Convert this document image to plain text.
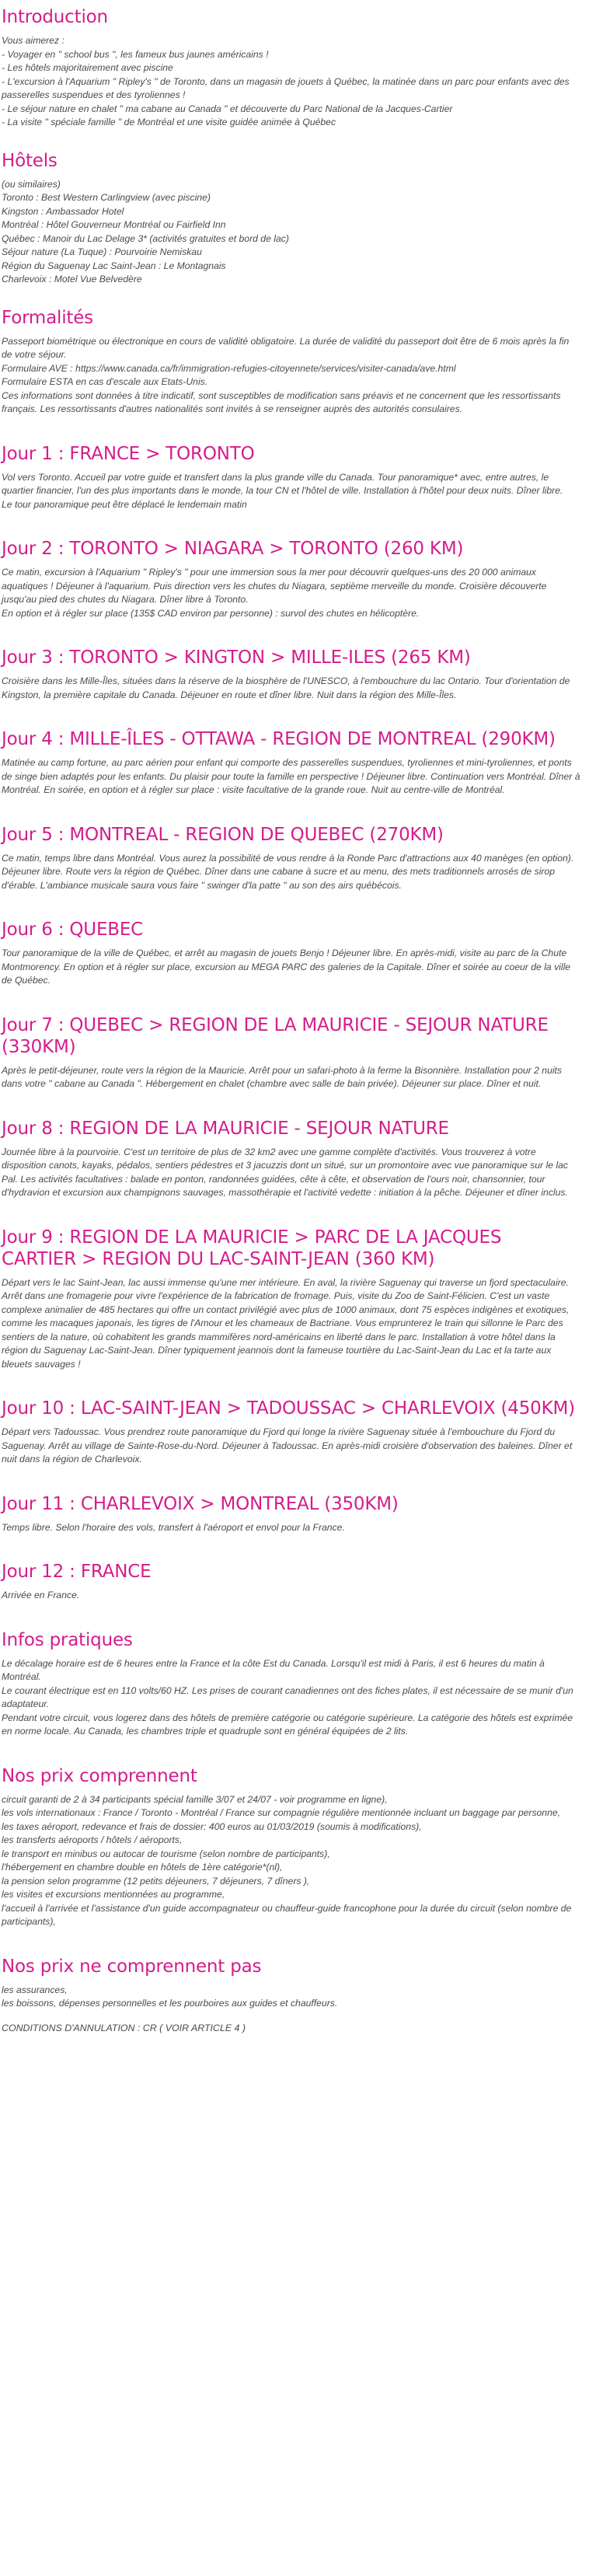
Introduction

Vous aimerez :

- Voyager en " school bus ", les fameux bus jaunes américains !

- Les hôtels majoritairement avec piscine

- L'excursion à l'Aquarium " Ripley's " de Toronto, dans un magasin de jouets à Québec, la matinée dans un parc pour enfants avec des passerelles suspendues et des tyroliennes !

- Le séjour nature en chalet " ma cabane au Canada " et découverte du Parc National de la Jacques-Cartier

- La visite " spéciale famille " de Montréal et une visite guidée animée à Québec

Hôtels

(ou similaires)

Toronto : Best Western Carlingview (avec piscine)

Kingston : Ambassador Hotel

Montréal : Hôtel Gouverneur Montréal ou Fairfield Inn

Québec : Manoir du Lac Delage 3* (activités gratuites et bord de lac)

Séjour nature (La Tuque) : Pourvoirie Nemiskau

Région du Saguenay Lac Saint-Jean : Le Montagnais

Charlevoix : Motel Vue Belvedère

Formalités

Passeport biométrique ou électronique en cours de validité obligatoire. La durée de validité du passeport doit être de 6 mois après la fin de votre séjour.

Formulaire AVE : https://www.canada.ca/fr/immigration-refugies-citoyennete/services/visiter-canada/ave.html

Formulaire ESTA en cas d'escale aux Etats-Unis.

Ces informations sont données à titre indicatif, sont susceptibles de modification sans préavis et ne concernent que les ressortissants français. Les ressortissants d'autres nationalités sont invités à se renseigner auprès des autorités consulaires.

Jour 1 : FRANCE > TORONTO

Vol vers Toronto. Accueil par votre guide et transfert dans la plus grande ville du Canada. Tour panoramique* avec, entre autres, le quartier financier, l'un des plus importants dans le monde, la tour CN et l'hôtel de ville. Installation à l'hôtel pour deux nuits. Dîner libre.

Le tour panoramique peut être déplacé le lendemain matin

Jour 2 : TORONTO > NIAGARA > TORONTO (260 KM)

Ce matin, excursion à l'Aquarium " Ripley's " pour une immersion sous la mer pour découvrir quelques-uns des 20 000 animaux aquatiques ! Déjeuner à l'aquarium. Puis direction vers les chutes du Niagara, septième merveille du monde. Croisière découverte jusqu'au pied des chutes du Niagara. Dîner libre à Toronto.

En option et à régler sur place (135$ CAD environ par personne) : survol des chutes en hélicoptère.

Jour 3 : TORONTO > KINGTON > MILLE-ILES (265 KM)

Croisière dans les Mille-Îles, situées dans la réserve de la biosphère de l'UNESCO, à l'embouchure du lac Ontario. Tour d'orientation de Kingston, la première capitale du Canada. Déjeuner en route et dîner libre. Nuit dans la région des Mille-Îles.

Jour 4 : MILLE-ÎLES - OTTAWA - REGION DE MONTREAL (290KM)

Matinée au camp fortune, au parc aérien pour enfant qui comporte des passerelles suspendues, tyroliennes et mini-tyroliennes, et ponts de singe bien adaptés pour les enfants. Du plaisir pour toute la famille en perspective ! Déjeuner libre. Continuation vers Montréal. Dîner à Montréal. En soirée, en option et à régler sur place : visite facultative de la grande roue. Nuit au centre-ville de Montréal.

Jour 5 : MONTREAL - REGION DE QUEBEC (270KM)

Ce matin, temps libre dans Montréal. Vous aurez la possibilité de vous rendre à la Ronde Parc d'attractions aux 40 manèges (en option). Déjeuner libre. Route vers la région de Québec. Dîner dans une cabane à sucre et au menu, des mets traditionnels arrosés de sirop d'érable. L'ambiance musicale saura vous faire " swinger d'la patte " au son des airs québécois.

Jour 6 : QUEBEC

Tour panoramique de la ville de Québec, et arrêt au magasin de jouets Benjo ! Déjeuner libre. En après-midi, visite au parc de la Chute Montmorency. En option et à régler sur place, excursion au MEGA PARC des galeries de la Capitale. Dîner et soirée au coeur de la ville de Québec.

Jour 7 : QUEBEC > REGION DE LA MAURICIE - SEJOUR NATURE (330KM)

Après le petit-déjeuner, route vers la région de la Mauricie. Arrêt pour un safari-photo à la ferme la Bisonnière. Installation pour 2 nuits dans votre " cabane au Canada ". Hébergement en chalet (chambre avec salle de bain privée). Déjeuner sur place. Dîner et nuit.

Jour 8 : REGION DE LA MAURICIE - SEJOUR NATURE

Journée libre à la pourvoirie. C'est un territoire de plus de 32 km2 avec une gamme complète d'activités. Vous trouverez à votre disposition canots, kayaks, pédalos, sentiers pédestres et 3 jacuzzis dont un situé, sur un promontoire avec vue panoramique sur le lac Pal. Les activités facultatives : balade en ponton, randonnées guidées, cête à cête, et observation de l'ours noir, chansonnier, tour d'hydravion et excursion aux champignons sauvages, massothérapie et l'activité vedette : initiation à la pêche. Déjeuner et dîner inclus.

Jour 9 : REGION DE LA MAURICIE > PARC DE LA JACQUES CARTIER > REGION DU LAC-SAINT-JEAN (360 KM)

Départ vers le lac Saint-Jean, lac aussi immense qu'une mer intérieure. En aval, la rivière Saguenay qui traverse un fjord spectaculaire. Arrêt dans une fromagerie pour vivre l'expérience de la fabrication de fromage. Puis, visite du Zoo de Saint-Félicien. C'est un vaste complexe animalier de 485 hectares qui offre un contact privilégié avec plus de 1000 animaux, dont 75 espèces indigènes et exotiques, comme les macaques japonais, les tigres de l'Amour et les chameaux de Bactriane. Vous emprunterez le train qui sillonne le Parc des sentiers de la nature, où cohabitent les grands mammifères nord-américains en liberté dans le parc. Installation à votre hôtel dans la région du Saguenay Lac-Saint-Jean. Dîner typiquement jeannois dont la fameuse tourtière du Lac-Saint-Jean du Lac et la tarte aux bleuets sauvages !

Jour 10 : LAC-SAINT-JEAN > TADOUSSAC > CHARLEVOIX (450KM)

Départ vers Tadoussac. Vous prendrez route panoramique du Fjord qui longe la rivière Saguenay située à l'embouchure du Fjord du Saguenay. Arrêt au village de Sainte-Rose-du-Nord. Déjeuner à Tadoussac. En après-midi croisière d'observation des baleines. Dîner et nuit dans la région de Charlevoix.

Jour 11 : CHARLEVOIX > MONTREAL (350KM)

Temps libre. Selon l'horaire des vols, transfert à l'aéroport et envol pour la France.

Jour 12 : FRANCE

Arrivée en France.

Infos pratiques

Le décalage horaire est de 6 heures entre la France et la côte Est du Canada. Lorsqu'il est midi à Paris, il est 6 heures du matin à Montréal.

Le courant électrique est en 110 volts/60 HZ. Les prises de courant canadiennes ont des fiches plates, il est nécessaire de se munir d'un adaptateur.

Pendant votre circuit, vous logerez dans des hôtels de première catégorie ou catégorie supérieure. La catégorie des hôtels est exprimée en norme locale. Au Canada, les chambres triple et quadruple sont en général équipées de 2 lits.

Nos prix comprennent

circuit garanti de 2 à 34 participants spécial famille 3/07 et 24/07 - voir programme en ligne),

les vols internationaux : France / Toronto - Montréal / France sur compagnie régulière mentionnée incluant un baggage par personne,

les taxes aéroport, redevance et frais de dossier: 400 euros au 01/03/2019 (soumis à modifications),

les transferts aéroports / hôtels / aéroports,

le transport en minibus ou autocar de tourisme (selon nombre de participants),

l'hébergement en chambre double en hôtels de 1ère catégorie*(nl),

la pension selon programme (12 petits déjeuners, 7 déjeuners, 7 dîners ),

les visites et excursions mentionnées au programme,

l'accueil à l'arrivée et l'assistance d'un guide accompagnateur ou chauffeur-guide francophone pour la durée du circuit (selon nombre de participants),

Nos prix ne comprennent pas

les assurances,

les boissons, dépenses personnelles et les pourboires aux guides et chauffeurs.

CONDITIONS D'ANNULATION : CR ( VOIR ARTICLE 4 )
